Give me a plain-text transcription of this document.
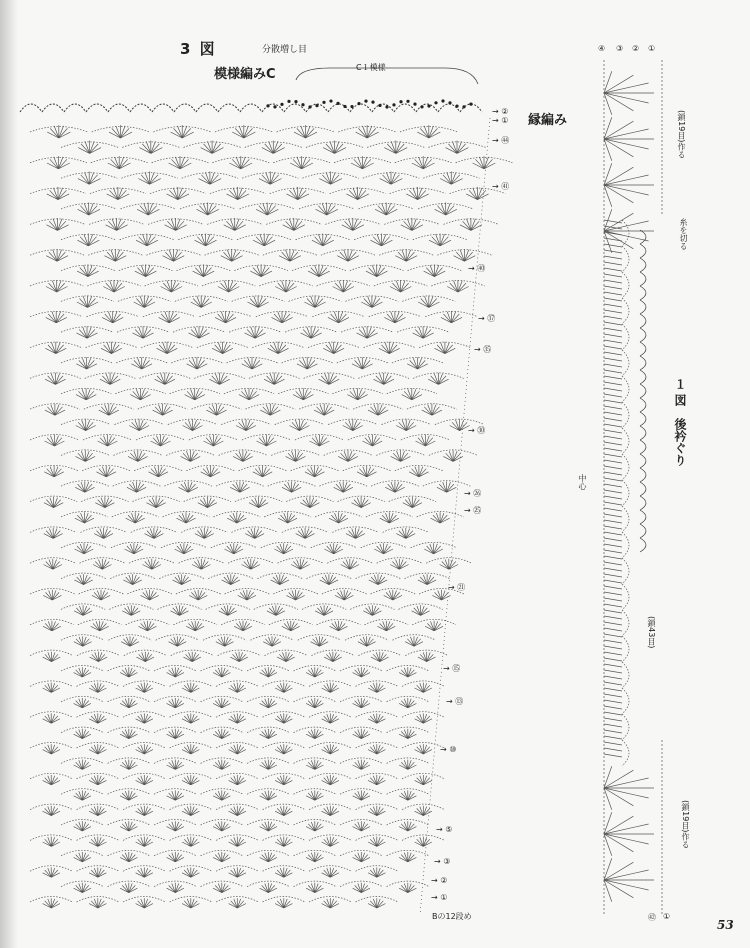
3 図	分散増し目
模様編みC	C１模様
縁編み
Bの12段め
→ ②
→ ①
→ ㊹
→ ㊶
→ ㊵
→ ㊲
→ ㉟
→ ㉚
→ ㉖
→ ㉕
→ ㉑
→ ⑮
→ ⑬
→ ⑩
→ ⑤
→ ③
→ ②
→ ①
１ 図　後衿ぐり
(鎖19目)作る
糸を切る
中心
(鎖43目)
(鎖19目)作る
④ ③ ② ①
㊷ ①
53
